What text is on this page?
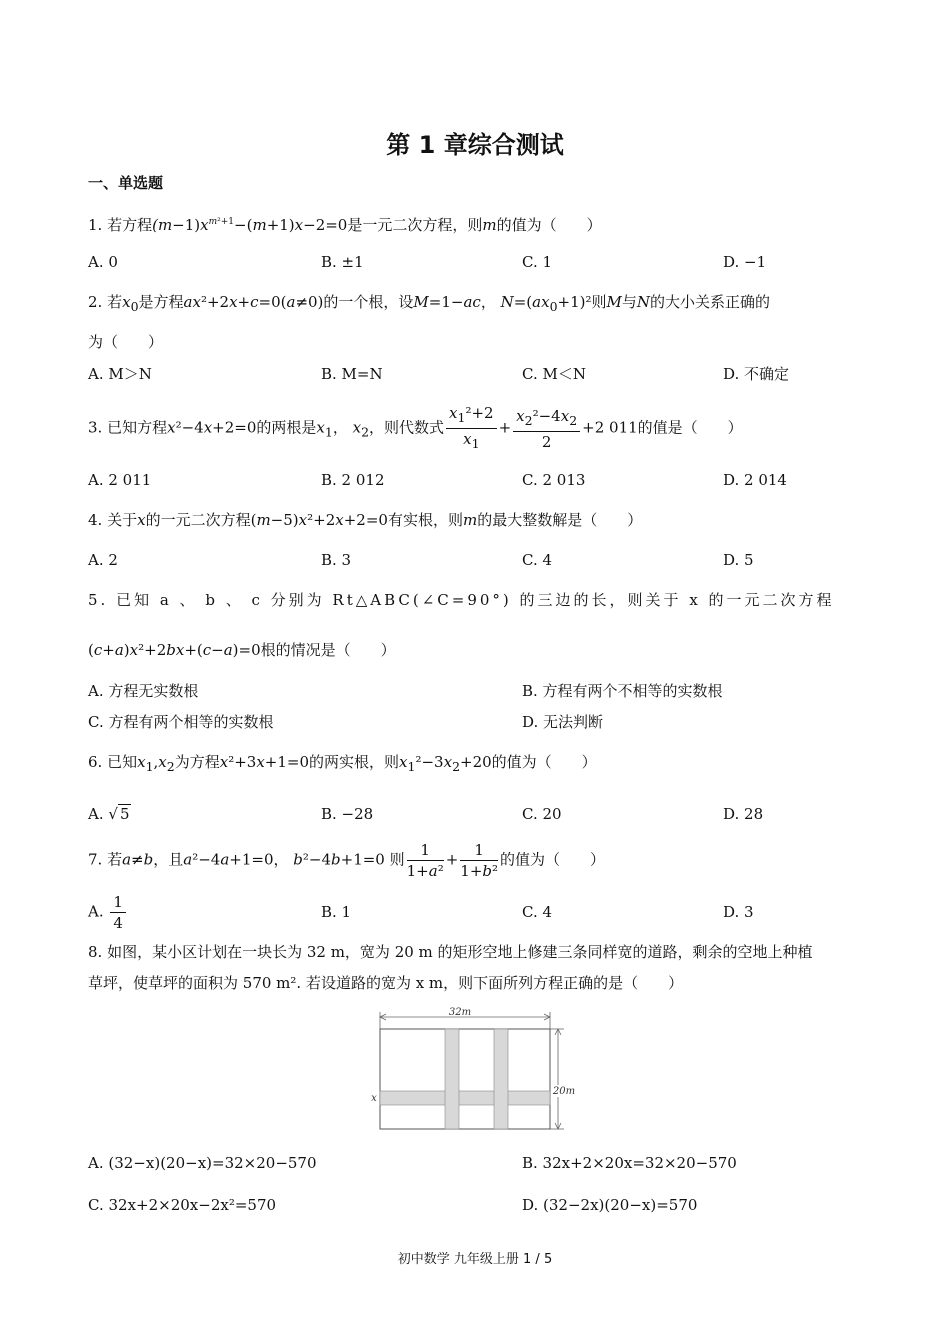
第 1 章综合测试
一、单选题
1. 若方程$(m-1)x^{m^2+1}-(m+1)x-2=0$是一元二次方程，则m的值为（　　）
A. 0	B. ±1	C. 1	D. −1
2. 若$x_0$是方程ax²+2x+c=0(a≠0)的一个根，设M=1−ac， $N=(ax_0+1)^2$则M与N的大小关系正确的
为（　　）
A. M＞N	B. M=N	C. M＜N	D. 不确定
3. 已知方程x²−4x+2=0的两根是$x_1$， $x_2$，则代数式 $\frac{x_1^2+2}{x_1} + \frac{x_2^2-4x_2}{2} +2$ 011的值是（　　）
A. 2 011	B. 2 012	C. 2 013	D. 2 014
4. 关于x的一元二次方程(m−5)x²+2x+2=0有实根，则m的最大整数解是（　　）
A. 2	B. 3	C. 4	D. 5
5. 已知 a 、 b 、 c 分别为 Rt△ABC(∠C=90°) 的三边的长，则关于 x 的一元二次方程
(c+a)x²+2bx+(c−a)=0根的情况是（　　）
A. 方程无实数根	B. 方程有两个不相等的实数根
C. 方程有两个相等的实数根	D. 无法判断
6. 已知$x_1,x_2$为方程x²+3x+1=0的两实根，则$x_1^2-3x_2+20$的值为（　　）
A. √ 5	B. −28	C. 20	D. 28
7. 若a≠b，且a²−4a+1=0， b²−4b+1=0 则 $\frac{1}{\text{1+a²}} + \frac{1}{\text{1+b²}}$ 的值为（　　）
A. $\frac{1}{4}$	B. 1	C. 4	D. 3
8. 如图，某小区计划在一块长为 32 m，宽为 20 m 的矩形空地上修建三条同样宽的道路，剩余的空地上种植
草坪，使草坪的面积为 570 m². 若设道路的宽为 x m，则下面所列方程正确的是（　　）
32m
20m
x
A. (32−x)(20−x)=32×20−570	B. 32x+2×20x=32×20−570
C. 32x+2×20x−2x²=570	D. (32−2x)(20−x)=570
初中数学 九年级上册 1 / 5
